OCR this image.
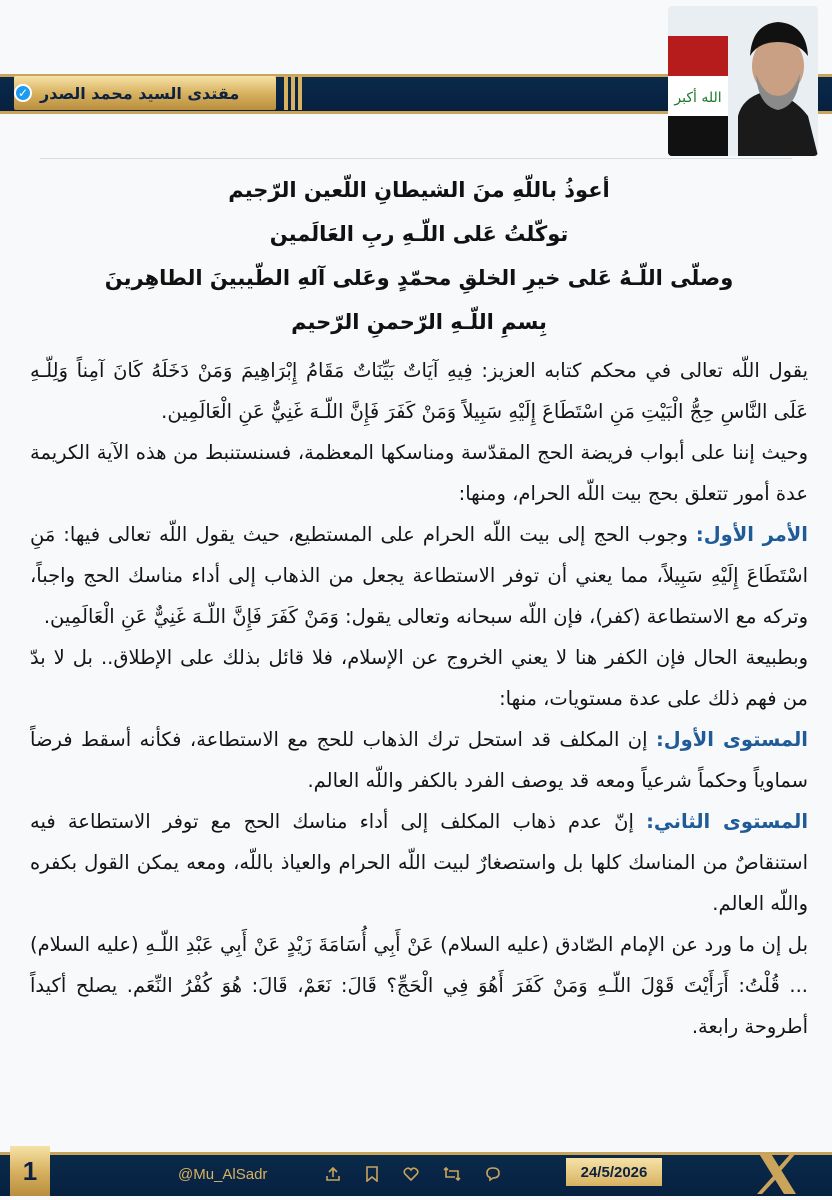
مقتدى السيد محمد الصدر
✓	الله أكبر
أعوذُ باللّهِ منَ الشيطانِ اللّعين الرّجيم
توكّلتُ عَلى اللّـهِ ربِ العَالَمين
وصلّى اللّـهُ عَلى خيرِ الخلقِ محمّدٍ وعَلى آلهِ الطّيبينَ الطاهِرينَ
بِسمِ اللّـهِ الرّحمنِ الرّحيم

يقول اللّه تعالى في محكم كتابه العزيز: فِيهِ آيَاتٌ بَيِّنَاتٌ مَقَامُ إِبْرَاهِيمَ وَمَنْ دَخَلَهُ كَانَ آمِناً وَلِلّـهِ عَلَى النَّاسِ حِجُّ الْبَيْتِ مَنِ اسْتَطَاعَ إِلَيْهِ سَبِيلاً وَمَنْ كَفَرَ فَإِنَّ اللّـهَ غَنِيٌّ عَنِ الْعَالَمِين.

وحيث إننا على أبواب فريضة الحج المقدّسة ومناسكها المعظمة، فسنستنبط من هذه الآية الكريمة عدة أمور تتعلق بحج بيت اللّه الحرام، ومنها:

الأمر الأول: وجوب الحج إلى بيت اللّه الحرام على المستطيع، حيث يقول اللّه تعالى فيها: مَنِ اسْتَطَاعَ إِلَيْهِ سَبِيلاً، مما يعني أن توفر الاستطاعة يجعل من الذهاب إلى أداء مناسك الحج واجباً، وتركه مع الاستطاعة (كفر)، فإن اللّه سبحانه وتعالى يقول: وَمَنْ كَفَرَ فَإِنَّ اللّـهَ غَنِيٌّ عَنِ الْعَالَمِين.

وبطبيعة الحال فإن الكفر هنا لا يعني الخروج عن الإسلام، فلا قائل بذلك على الإطلاق.. بل لا بدّ من فهم ذلك على عدة مستويات، منها:

المستوى الأول: إن المكلف قد استحل ترك الذهاب للحج مع الاستطاعة، فكأنه أسقط فرضاً سماوياً وحكماً شرعياً ومعه قد يوصف الفرد بالكفر واللّه العالم.

المستوى الثاني: إنّ عدم ذهاب المكلف إلى أداء مناسك الحج مع توفر الاستطاعة فيه استنقاصٌ من المناسك كلها بل واستصغارٌ لبيت اللّه الحرام والعياذ باللّه، ومعه يمكن القول بكفره واللّه العالم.

بل إن ما ورد عن الإمام الصّادق (عليه السلام) عَنْ أَبِي أُسَامَةَ زَيْدٍ عَنْ أَبِي عَبْدِ اللّـهِ (عليه السلام) ... قُلْتُ: أَرَأَيْتَ قَوْلَ اللّـهِ وَمَنْ كَفَرَ أَهُوَ فِي الْحَجِّ؟ قَالَ: نَعَمْ، قَالَ: هُوَ كُفْرُ النِّعَم. يصلح أكيداً أطروحة رابعة.

1	@Mu_AlSadr	24/5/2026
